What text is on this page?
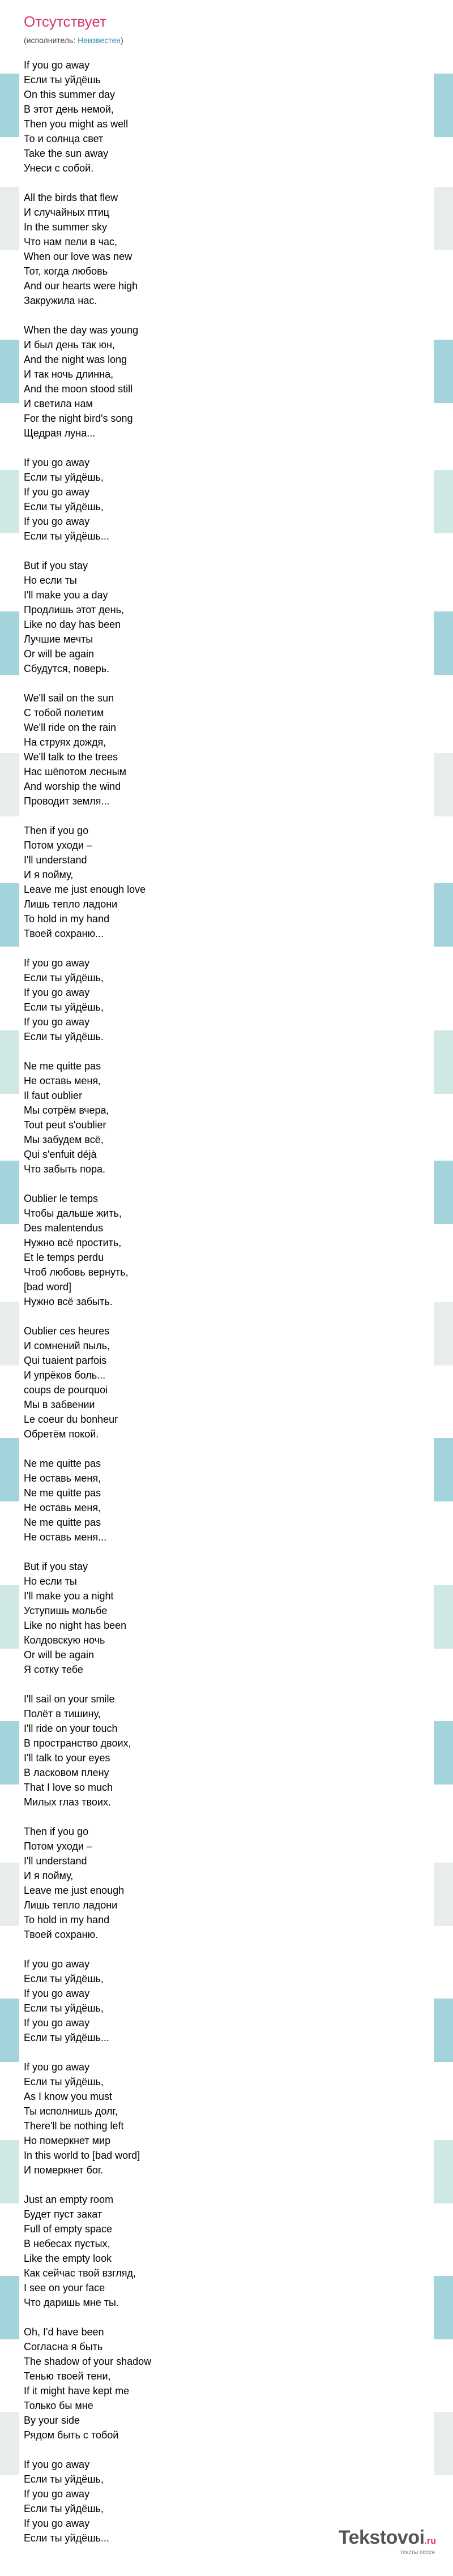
Отсутствует
(исполнитель: Неизвестен)
If you go away
Если ты уйдёшь
On this summer day
В этот день немой,
Then you might as well
То и солнца свет
Take the sun away
Унеси с собой.
All the birds that flew
И случайных птиц
In the summer sky
Что нам пели в час,
When our love was new
Тот, когда любовь
And our hearts were high
Закружила нас.
When the day was young
И был день так юн,
And the night was long
И так ночь длинна,
And the moon stood still
И светила нам
For the night bird's song
Щедрая луна...
If you go away
Если ты уйдёшь,
If you go away
Если ты уйдёшь,
If you go away
Если ты уйдёшь...
But if you stay
Но если ты
I'll make you a day
Продлишь этот день,
Like no day has been
Лучшие мечты
Or will be again
Сбудутся, поверь.
We'll sail on the sun
С тобой полетим
We'll ride on the rain
На струях дождя,
We'll talk to the trees
Нас шёпотом лесным
And worship the wind
Проводит земля...
Then if you go
Потом уходи –
I'll understand
И я пойму,
Leave me just enough love
Лишь тепло ладони
To hold in my hand
Твоей сохраню...
If you go away
Если ты уйдёшь,
If you go away
Если ты уйдёшь,
If you go away
Если ты уйдёшь.
Ne me quitte pas
Не оставь меня,
Il faut oublier
Мы сотрём вчера,
Tout peut s'oublier
Мы забудем всё,
Qui s'enfuit déjà
Что забыть пора.
Oublier le temps
Чтобы дальше жить,
Des malentendus
Нужно всё простить,
Et le temps perdu
Чтоб любовь вернуть,
[bad word]
Нужно всё забыть.
Oublier ces heures
И сомнений пыль,
Qui tuaient parfois
И упрёков боль...
coups de pourquoi
Мы в забвении
Le coeur du bonheur
Обретём покой.
Ne me quitte pas
Не оставь меня,
Ne me quitte pas
Не оставь меня,
Ne me quitte pas
Не оставь меня...
But if you stay
Но если ты
I'll make you a night
Уступишь мольбе
Like no night has been
Колдовскую ночь
Or will be again
Я соткy тебе
I'll sail on your smile
Полёт в тишину,
I'll ride on your touch
В пространство двоих,
I'll talk to your eyes
В ласковом плену
That I love so much
Милых глаз твоих.
Then if you go
Потом уходи –
I'll understand
И я пойму,
Leave me just enough
Лишь тепло ладони
To hold in my hand
Твоей сохраню.
If you go away
Если ты уйдёшь,
If you go away
Если ты уйдёшь,
If you go away
Если ты уйдёшь...
If you go away
Если ты уйдёшь,
As I know you must
Ты исполнишь долг,
There'll be nothing left
Но померкнет мир
In this world to [bad word]
И померкнет бог.
Just an empty room
Будет пуст закат
Full of empty space
В небесах пустых,
Like the empty look
Как сейчас твой взгляд,
I see on your face
Что даришь мне ты.
Oh, I'd have been
Согласна я быть
The shadow of your shadow
Тенью твоей тени,
If it might have kept me
Только бы мне
By your side
Рядом быть с тобой
If you go away
Если ты уйдёшь,
If you go away
Если ты уйдёшь,
If you go away
Если ты уйдёшь...	Tekstovoi.ru
тексты песен
